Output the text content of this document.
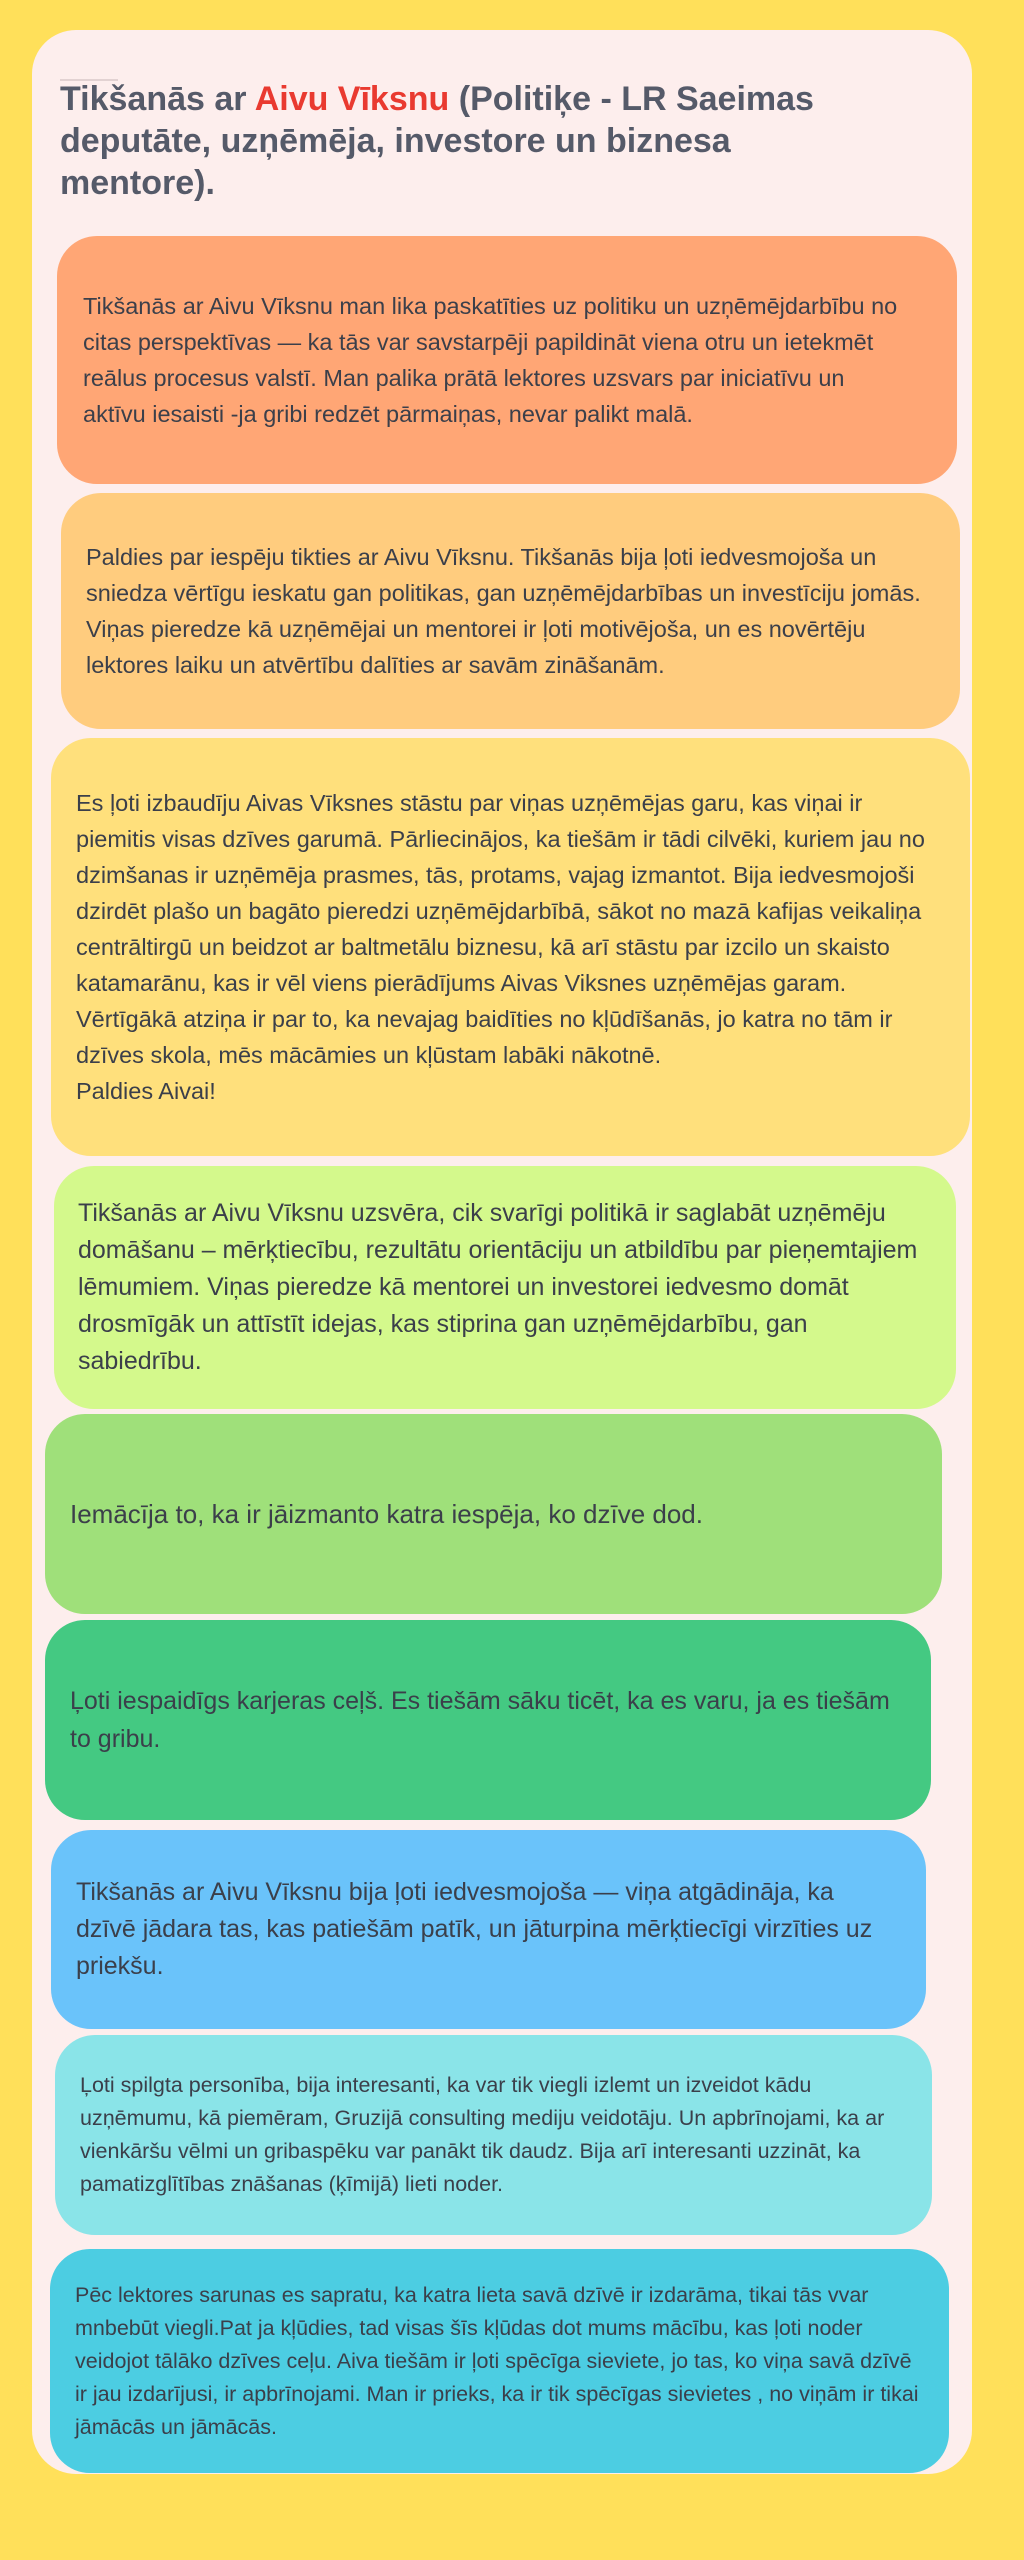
Tikšanās ar Aivu Vīksnu (Politiķe - LR Saeimas deputāte, uzņēmēja, investore un biznesa mentore).

Tikšanās ar Aivu Vīksnu man lika paskatīties uz politiku un uzņēmējdarbību no citas perspektīvas — ka tās var savstarpēji papildināt viena otru un ietekmēt reālus procesus valstī. Man palika prātā lektores uzsvars par iniciatīvu un aktīvu iesaisti -ja gribi redzēt pārmaiņas, nevar palikt malā.

Paldies par iespēju tikties ar Aivu Vīksnu. Tikšanās bija ļoti iedvesmojoša un sniedza vērtīgu ieskatu gan politikas, gan uzņēmējdarbības un investīciju jomās. Viņas pieredze kā uzņēmējai un mentorei ir ļoti motivējoša, un es novērtēju lektores laiku un atvērtību dalīties ar savām zināšanām.

Es ļoti izbaudīju Aivas Vīksnes stāstu par viņas uzņēmējas garu, kas viņai ir piemitis visas dzīves garumā. Pārliecinājos, ka tiešām ir tādi cilvēki, kuriem jau no dzimšanas ir uzņēmēja prasmes, tās, protams, vajag izmantot. Bija iedvesmojoši dzirdēt plašo un bagāto pieredzi uzņēmējdarbībā, sākot no mazā kafijas veikaliņa centrāltirgū un beidzot ar baltmetālu biznesu, kā arī stāstu par izcilo un skaisto katamarānu, kas ir vēl viens pierādījums Aivas Viksnes uzņēmējas garam.
Vērtīgākā atziņa ir par to, ka nevajag baidīties no kļūdīšanās, jo katra no tām ir dzīves skola, mēs mācāmies un kļūstam labāki nākotnē.
Paldies Aivai!

Tikšanās ar Aivu Vīksnu uzsvēra, cik svarīgi politikā ir saglabāt uzņēmēju domāšanu – mērķtiecību, rezultātu orientāciju un atbildību par pieņemtajiem lēmumiem. Viņas pieredze kā mentorei un investorei iedvesmo domāt drosmīgāk un attīstīt idejas, kas stiprina gan uzņēmējdarbību, gan sabiedrību.

Iemācīja to, ka ir jāizmanto katra iespēja, ko dzīve dod.

Ļoti iespaidīgs karjeras ceļš. Es tiešām sāku ticēt, ka es varu, ja es tiešām to gribu.

Tikšanās ar Aivu Vīksnu bija ļoti iedvesmojoša — viņa atgādināja, ka dzīvē jādara tas, kas patiešām patīk, un jāturpina mērķtiecīgi virzīties uz priekšu.

Ļoti spilgta personība, bija interesanti, ka var tik viegli izlemt un izveidot kādu uzņēmumu, kā piemēram, Gruzijā consulting mediju veidotāju. Un apbrīnojami, ka ar vienkāršu vēlmi un gribaspēku var panākt tik daudz. Bija arī interesanti uzzināt, ka pamatizglītības znāšanas (ķīmijā) lieti noder.

Pēc lektores sarunas es sapratu, ka katra lieta savā dzīvē ir izdarāma, tikai tās vvar mnbebūt viegli.Pat ja kļūdies, tad visas šīs kļūdas dot mums mācību, kas ļoti noder veidojot tālāko dzīves ceļu. Aiva tiešām ir ļoti spēcīga sieviete, jo tas, ko viņa savā dzīvē ir jau izdarījusi, ir apbrīnojami. Man ir prieks, ka ir tik spēcīgas sievietes , no viņām ir tikai jāmācās un jāmācās.
